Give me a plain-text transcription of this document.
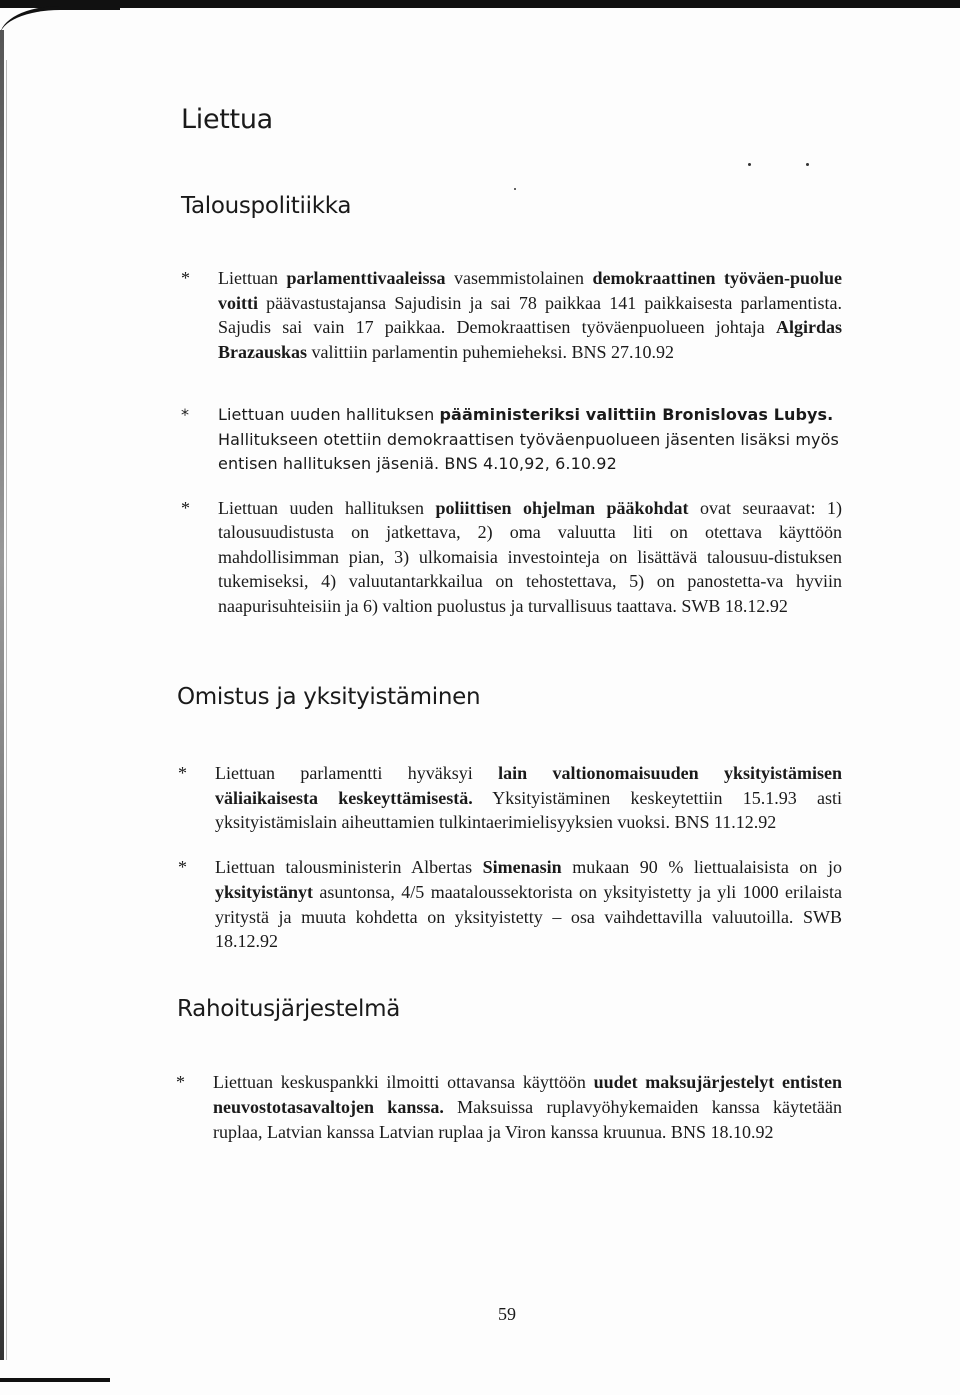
Liettua
Talouspolitiikka
* Liettuan parlamenttivaaleissa vasemmistolainen demokraattinen työväen-puolue voitti päävastustajansa Sajudisin ja sai 78 paikkaa 141 paikkaisesta parlamentista. Sajudis sai vain 17 paikkaa. Demokraattisen työväenpuolueen johtaja Algirdas Brazauskas valittiin parlamentin puhemieheksi. BNS 27.10.92
* Liettuan uuden hallituksen pääministeriksi valittiin Bronislovas Lubys. Hallitukseen otettiin demokraattisen työväenpuolueen jäsenten lisäksi myös entisen hallituksen jäseniä. BNS 4.10,92, 6.10.92
* Liettuan uuden hallituksen poliittisen ohjelman pääkohdat ovat seuraavat: 1) talousuudistusta on jatkettava, 2) oma valuutta liti on otettava käyttöön mahdollisimman pian, 3) ulkomaisia investointeja on lisättävä talousuu-distuksen tukemiseksi, 4) valuutantarkkailua on tehostettava, 5) on panostetta-va hyviin naapurisuhteisiin ja 6) valtion puolustus ja turvallisuus taattava. SWB 18.12.92
Omistus ja yksityistäminen
* Liettuan parlamentti hyväksyi lain valtionomaisuuden yksityistämisen väliaikaisesta keskeyttämisestä. Yksityistäminen keskeytettiin 15.1.93 asti yksityistämislain aiheuttamien tulkintaerimielisyyksien vuoksi. BNS 11.12.92
* Liettuan talousministerin Albertas Simenasin mukaan 90 % liettualaisista on jo yksityistänyt asuntonsa, 4/5 maataloussektorista on yksityistetty ja yli 1000 erilaista yritystä ja muuta kohdetta on yksityistetty – osa vaihdettavilla valuutoilla. SWB 18.12.92
Rahoitusjärjestelmä
* Liettuan keskuspankki ilmoitti ottavansa käyttöön uudet maksujärjestelyt entisten neuvostotasavaltojen kanssa. Maksuissa ruplavyöhykemaiden kanssa käytetään ruplaa, Latvian kanssa Latvian ruplaa ja Viron kanssa kruunua. BNS 18.10.92
59
